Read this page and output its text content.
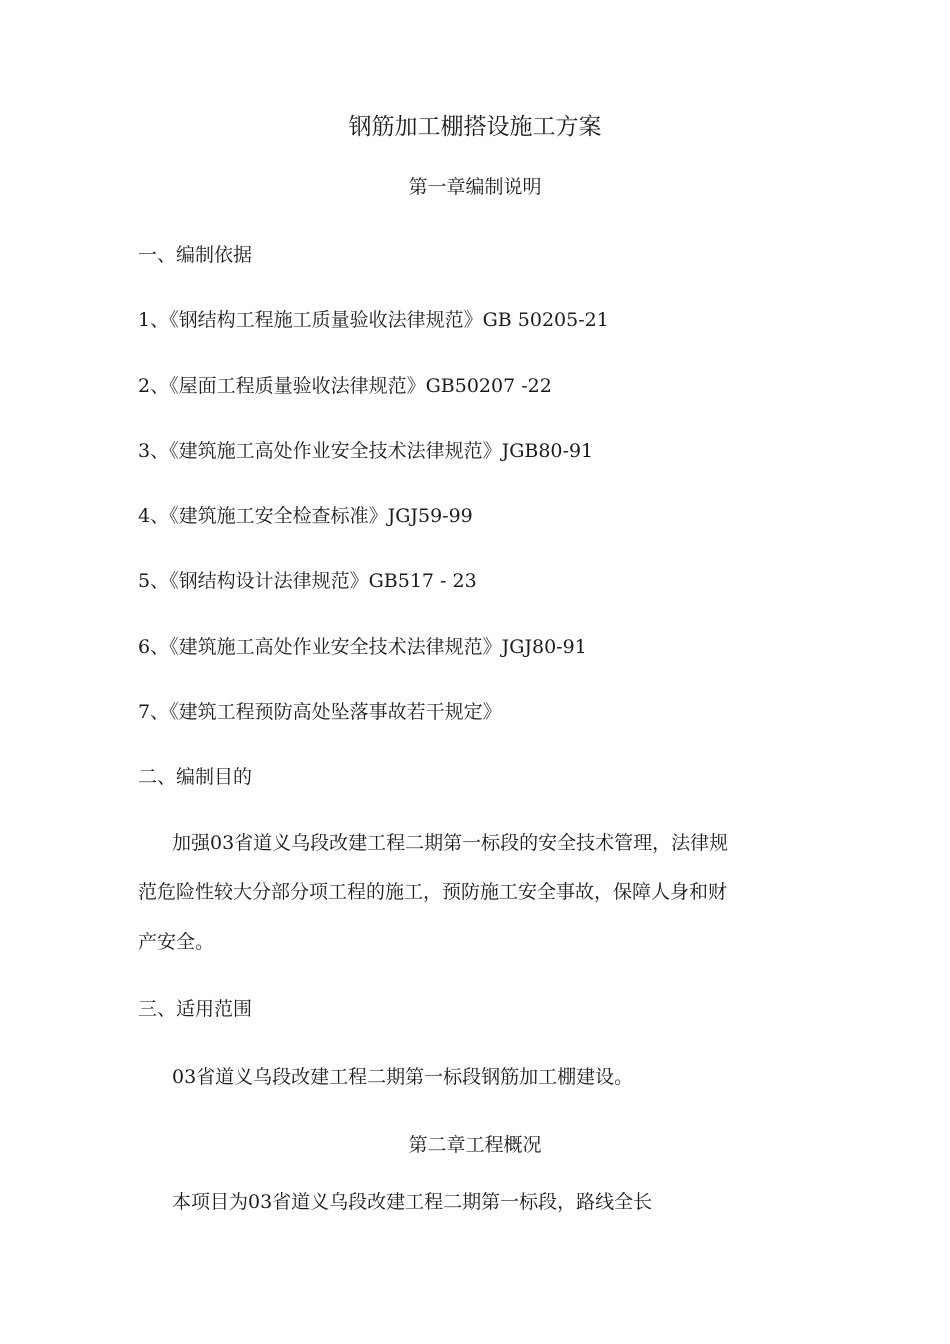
钢筋加工棚搭设施工方案
第一章编制说明
一、编制依据
1、《钢结构工程施工质量验收法律规范》GB 50205-21
2、《屋面工程质量验收法律规范》GB50207 -22
3、《建筑施工高处作业安全技术法律规范》JGB80-91
4、《建筑施工安全检查标准》JGJ59-99
5、《钢结构设计法律规范》GB517 - 23
6、《建筑施工高处作业安全技术法律规范》JGJ80-91
7、《建筑工程预防高处坠落事故若干规定》
二、编制目的
加强03省道义乌段改建工程二期第一标段的安全技术管理，法律规
范危险性较大分部分项工程的施工，预防施工安全事故，保障人身和财
产安全。
三、适用范围
03省道义乌段改建工程二期第一标段钢筋加工棚建设。
第二章工程概况
本项目为03省道义乌段改建工程二期第一标段，路线全长
